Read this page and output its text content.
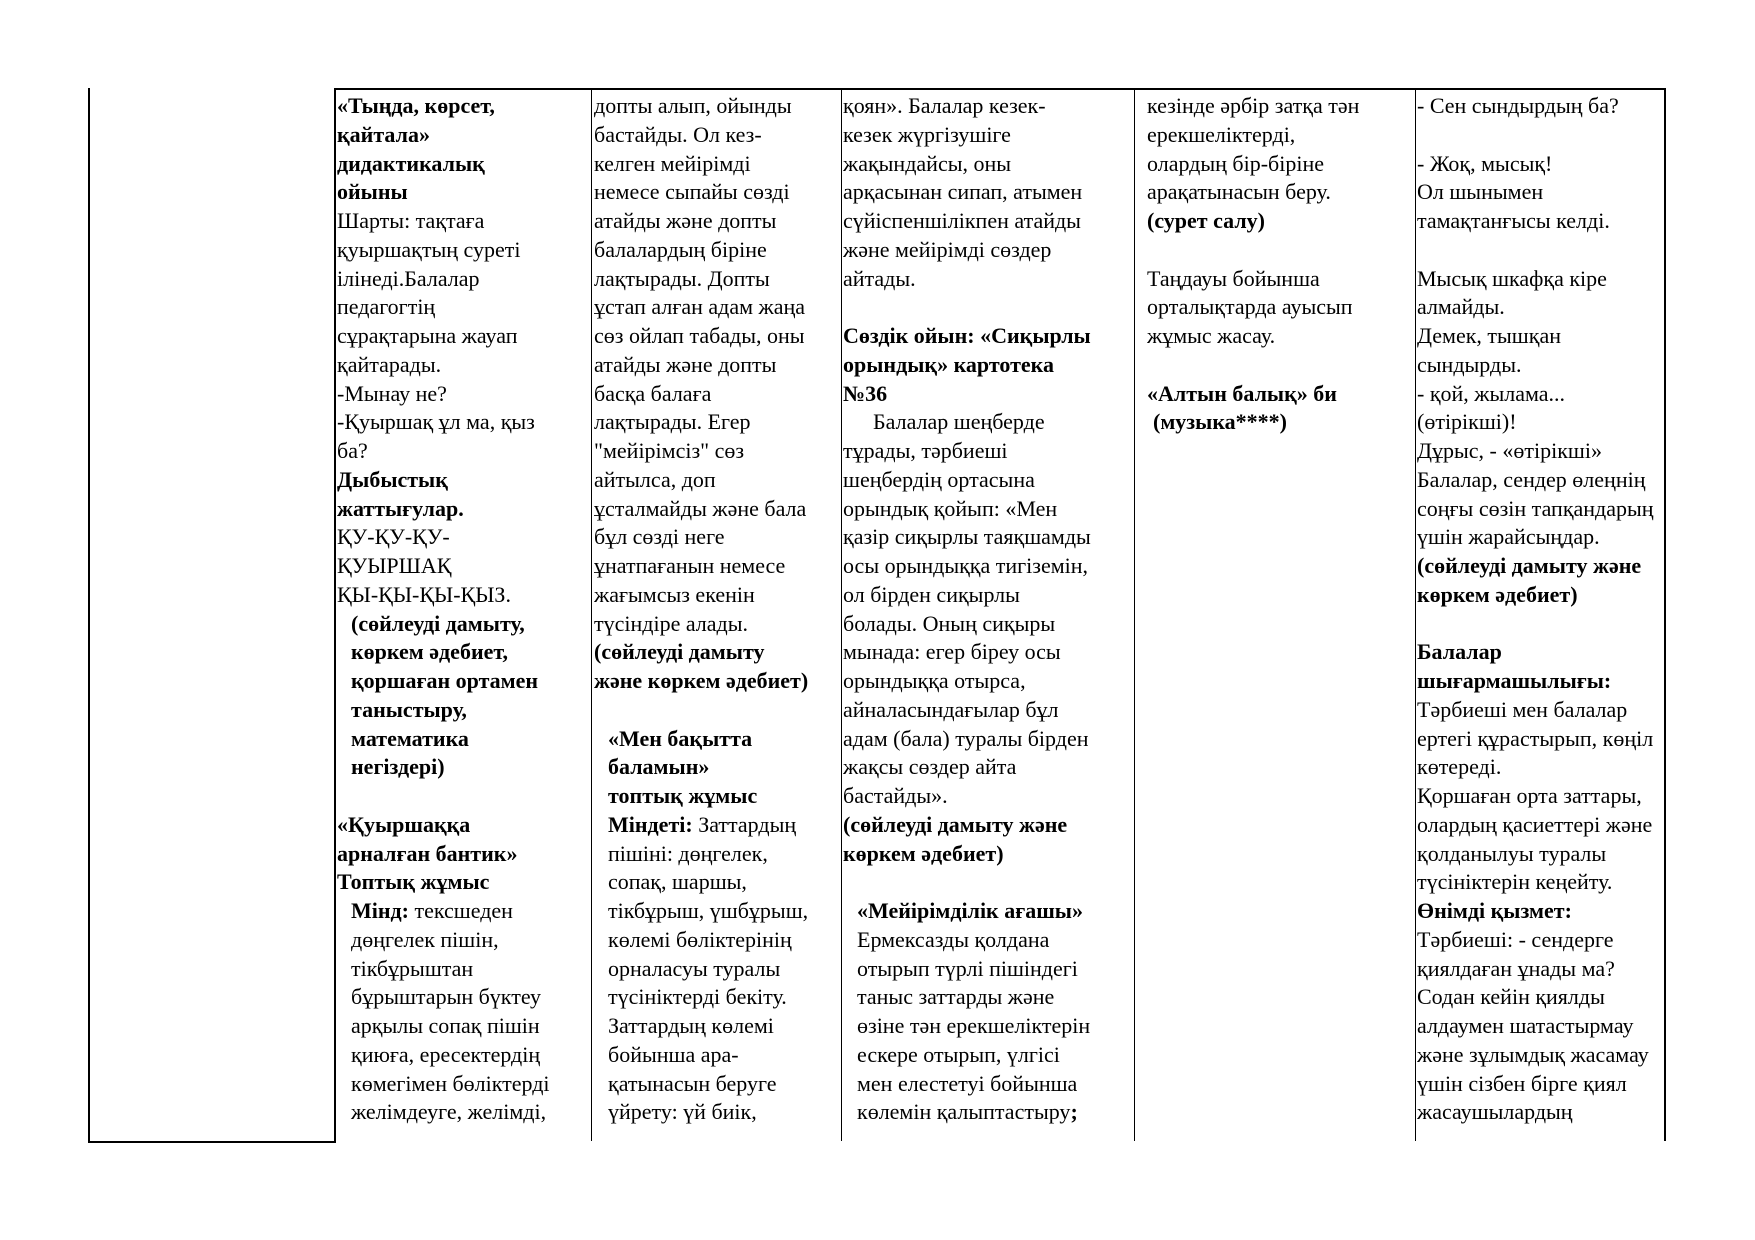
«Тыңда, көрсет,
қайтала»
дидактикалық
ойыны
Шарты: тақтаға
қуыршақтың суреті
ілінеді.Балалар
педагогтің
сұрақтарына жауап
қайтарады.
-Мынау не?
-Қуыршақ ұл ма, қыз
ба?
Дыбыстық
жаттығулар.
ҚУ-ҚУ-ҚУ-
ҚУЫРШАҚ
ҚЫ-ҚЫ-ҚЫ-ҚЫЗ.
(сөйлеуді дамыту,
көркем әдебиет,
қоршаған ортамен
таныстыру,
математика
негіздері)
«Қуыршаққа
арналған бантик»
Топтық жұмыс
Мінд: тексшеден
дөңгелек пішін,
тікбұрыштан
бұрыштарын бүктеу
арқылы сопақ пішін
қиюға, ересектердің
көмегімен бөліктерді
желімдеуге, желімді,
допты алып, ойынды
бастайды. Ол кез-
келген мейірімді
немесе сыпайы сөзді
атайды және допты
балалардың біріне
лақтырады. Допты
ұстап алған адам жаңа
сөз ойлап табады, оны
атайды және допты
басқа балаға
лақтырады. Егер
"мейірімсіз" сөз
айтылса, доп
ұсталмайды және бала
бұл сөзді неге
ұнатпағанын немесе
жағымсыз екенін
түсіндіре алады.
(сөйлеуді дамыту
және көркем әдебиет)
«Мен бақытта
баламын»
топтық жұмыс
Міндеті: Заттардың
пішіні: дөңгелек,
сопақ, шаршы,
тікбұрыш, үшбұрыш,
көлемі бөліктерінің
орналасуы туралы
түсініктерді бекіту.
Заттардың көлемі
бойынша ара-
қатынасын беруге
үйрету: үй биік,
қоян». Балалар кезек-
кезек жүргізушіге
жақындайсы, оны
арқасынан сипап, атымен
сүйіспеншілікпен атайды
және мейірімді сөздер
айтады.
Сөздік ойын: «Сиқырлы
орындық» картотека
№36
Балалар шеңберде
тұрады, тәрбиеші
шеңбердің ортасына
орындық қойып: «Мен
қазір сиқырлы таяқшамды
осы орындыққа тигіземін,
ол бірден сиқырлы
болады. Оның сиқыры
мынада: егер біреу осы
орындыққа отырса,
айналасындағылар бұл
адам (бала) туралы бірден
жақсы сөздер айта
бастайды».
(сөйлеуді дамыту және
көркем әдебиет)
«Мейірімділік ағашы»
Ермексазды қолдана
отырып түрлі пішіндегі
таныс заттарды және
өзіне тән ерекшеліктерін
ескере отырып, үлгісі
мен елестетуі бойынша
көлемін қалыптастыру;
кезінде әрбір затқа тән
ерекшеліктерді,
олардың бір-біріне
арақатынасын беру.
(сурет салу)
Таңдауы бойынша
орталықтарда ауысып
жұмыс жасау.
«Алтын балық» би
(музыка****)
- Сен сындырдың ба?
- Жоқ, мысық!
Ол шынымен
тамақтанғысы келді.
Мысық шкафқа кіре
алмайды.
Демек, тышқан
сындырды.
- қой, жылама...
(өтірікші)!
Дұрыс, - «өтірікші»
Балалар, сендер өлеңнің
соңғы сөзін тапқандарың
үшін жарайсыңдар.
(сөйлеуді дамыту және
көркем әдебиет)
Балалар
шығармашылығы:
Тәрбиеші мен балалар
ертегі құрастырып, көңіл
көтереді.
Қоршаған орта заттары,
олардың қасиеттері және
қолданылуы туралы
түсініктерін кеңейту.
Өнімді қызмет:
Тәрбиеші: - сендерге
қиялдаған ұнады ма?
Содан кейін қиялды
алдаумен шатастырмау
және зұлымдық жасамау
үшін сізбен бірге қиял
жасаушылардың
